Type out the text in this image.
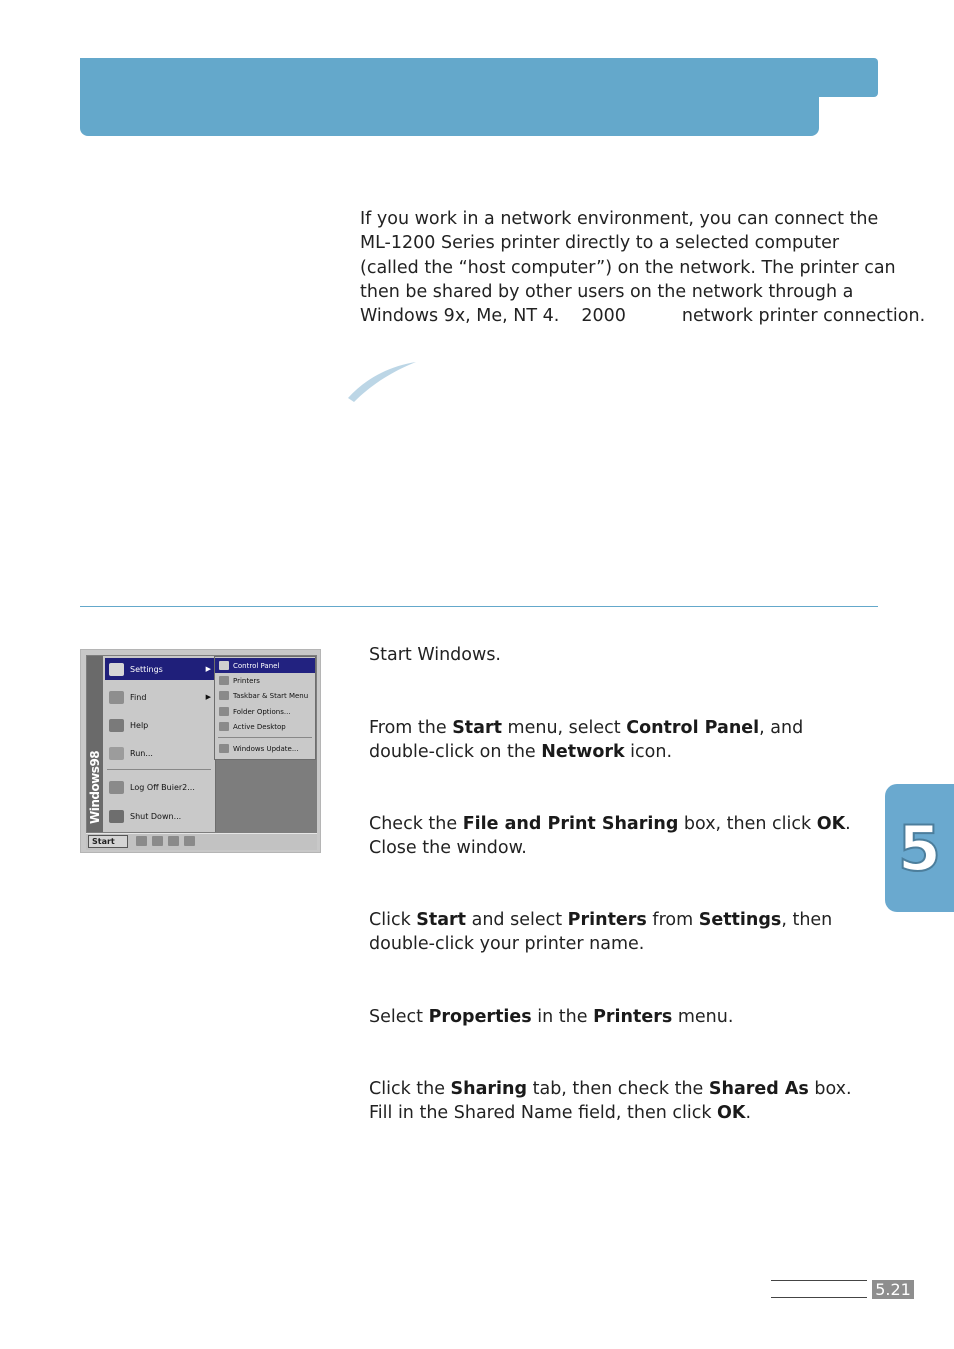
If you work in a network environment, you can connect the

ML-1200 Series printer directly to a selected computer

(called the “host computer”) on the network. The printer can

then be shared by other users on the network through a

Windows 9x, Me, NT 4. 2000	network printer connection.

Windows98
Settings	▶
Find	▶
Help
Run...
Log Off Buier2...
Shut Down...
Control Panel
Printers
Taskbar & Start Menu
Folder Options...
Active Desktop
Windows Update...
Start

Start Windows.

From the Start menu, select Control Panel, and

double-click on the Network icon.

Check the File and Print Sharing box, then click OK.

Close the window.

Click Start and select Printers from Settings, then

double-click your printer name.

Select Properties in the Printers menu.

Click the Sharing tab, then check the Shared As box.

Fill in the Shared Name field, then click OK.

5
5.21
